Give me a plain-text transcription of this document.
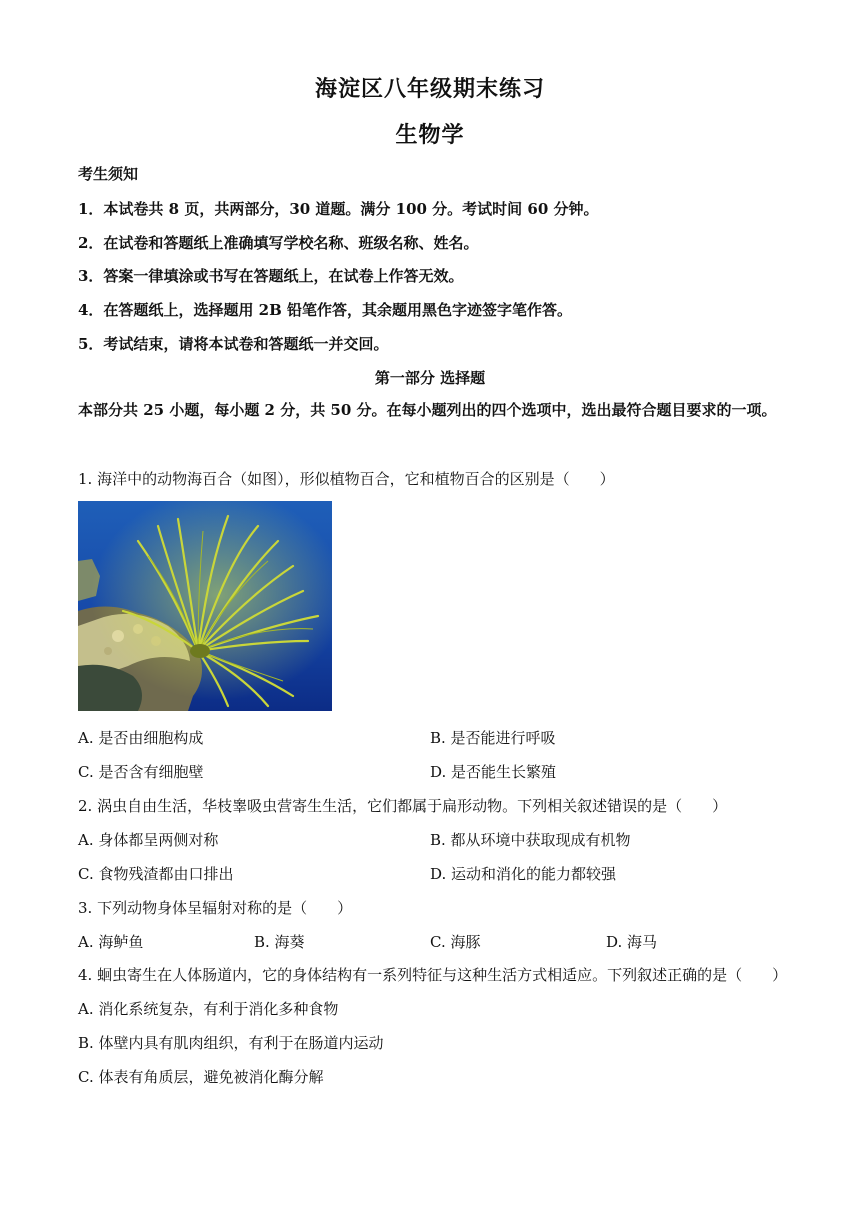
海淀区八年级期末练习
生物学
考生须知
1．本试卷共 8 页，共两部分，30 道题。满分 100 分。考试时间 60 分钟。
2．在试卷和答题纸上准确填写学校名称、班级名称、姓名。
3．答案一律填涂或书写在答题纸上，在试卷上作答无效。
4．在答题纸上，选择题用 2B 铅笔作答，其余题用黑色字迹签字笔作答。
5．考试结束，请将本试卷和答题纸一并交回。
第一部分 选择题
本部分共 25 小题，每小题 2 分，共 50 分。在每小题列出的四个选项中，选出最符合题目要求的一项。
1. 海洋中的动物海百合（如图），形似植物百合，它和植物百合的区别是（　　）
A. 是否由细胞构成	B. 是否能进行呼吸
C. 是否含有细胞壁	D. 是否能生长繁殖
2. 涡虫自由生活，华枝睾吸虫营寄生生活，它们都属于扁形动物。下列相关叙述错误的是（　　）
A. 身体都呈两侧对称	B. 都从环境中获取现成有机物
C. 食物残渣都由口排出	D. 运动和消化的能力都较强
3. 下列动物身体呈辐射对称的是（　　）
A. 海鲈鱼	B. 海葵	C. 海豚	D. 海马
4. 蛔虫寄生在人体肠道内，它的身体结构有一系列特征与这种生活方式相适应。下列叙述正确的是（　　）
A. 消化系统复杂，有利于消化多种食物
B. 体壁内具有肌肉组织，有利于在肠道内运动
C. 体表有角质层，避免被消化酶分解
